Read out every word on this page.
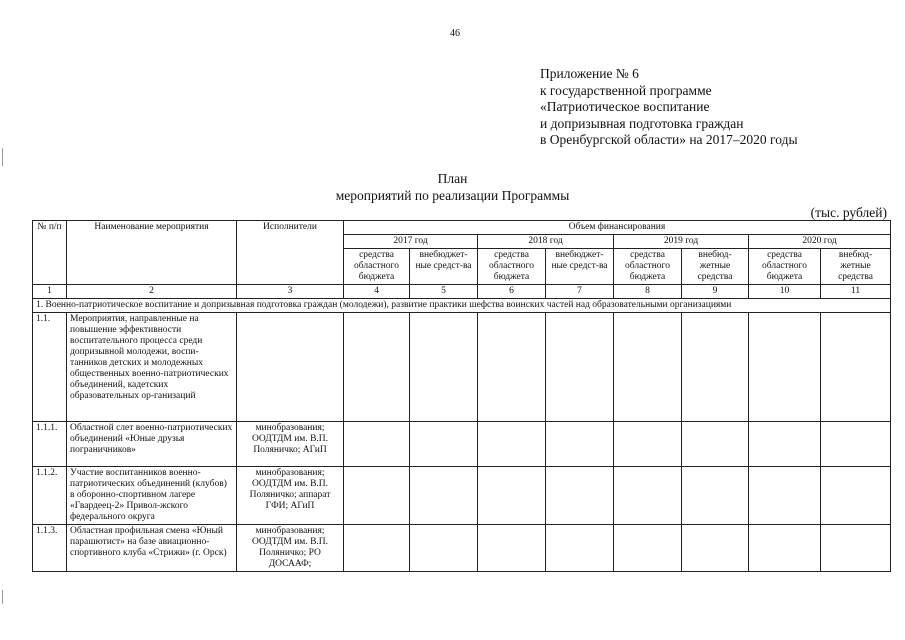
46
Приложение № 6
к государственной программе
«Патриотическое воспитание
и допризывная подготовка граждан
в Оренбургской области» на 2017–2020 годы
План
мероприятий по реализации Программы
(тыс. рублей)
№ п/п	Наименование мероприятия	Исполнители	Объем финансирования							
			2017 год		2018 год		2019 год		2020 год	
			средства областного бюджета	внебюджет-ные средст-ва	средства областного бюджета	внебюджет-ные средст-ва	средства областного бюджета	внебюд-жетные средства	средства областного бюджета	внебюд-жетные средства
1	2	3	4	5	6	7	8	9	10	11
1. Военно-патриотическое воспитание и допризывная подготовка граждан (молодежи), развитие практики шефства воинских частей над образовательными организациями										
1.1.	Мероприятия, направленные на повышение эффективности воспитательного процесса среди допризывной молодежи, воспи-танников детских и молодежных общественных военно-патриотических объединений, кадетских образовательных ор-ганизаций									
1.1.1.	Областной слет военно-патриотических объединений «Юные друзья пограничников»	минобразования; ООДТДМ им. В.П. Поляничко; АГиП								
1.1.2.	Участие воспитанников военно-патриотических объединений (клубов) в оборонно-спортивном лагере «Гвардеец-2» Привол-жского федерального округа	минобразования; ООДТДМ им. В.П. Поляничко; аппарат ГФИ; АГиП								
1.1.3.	Областная профильная смена «Юный парашютист» на базе авиационно-спортивного клуба «Стрижи» (г. Орск)	минобразования; ООДТДМ им. В.П. Поляничко; РО ДОСААФ;								
